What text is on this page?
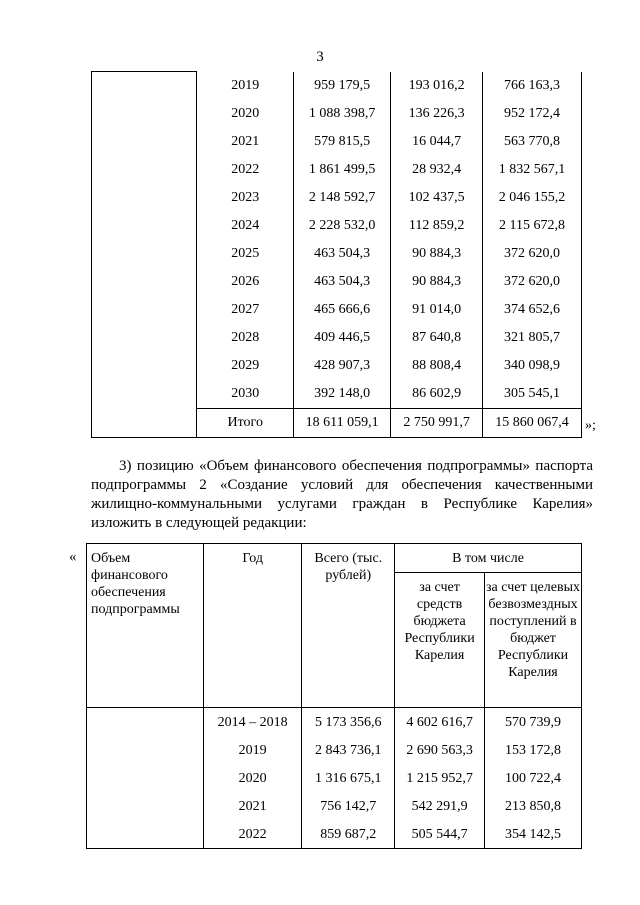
3
	2019	959 179,5	193 016,2	766 163,3
	2020	1 088 398,7	136 226,3	952 172,4
	2021	579 815,5	16 044,7	563 770,8
	2022	1 861 499,5	28 932,4	1 832 567,1
	2023	2 148 592,7	102 437,5	2 046 155,2
	2024	2 228 532,0	112 859,2	2 115 672,8
	2025	463 504,3	90 884,3	372 620,0
	2026	463 504,3	90 884,3	372 620,0
	2027	465 666,6	91 014,0	374 652,6
	2028	409 446,5	87 640,8	321 805,7
	2029	428 907,3	88 808,4	340 098,9
	2030	392 148,0	86 602,9	305 545,1
	Итого	18 611 059,1	2 750 991,7	15 860 067,4 »;
3) позицию «Объем финансового обеспечения подпрограммы» паспорта
подпрограммы 2 «Создание условий для обеспечения качественными
жилищно-коммунальными услугами граждан в Республике Карелия»
изложить в следующей редакции:
« Объем финансового обеспечения подпрограммы	Год	Всего (тыс. рублей)	В том числе	
			за счет средств бюджета Республики Карелия	за счет целевых безвозмездных поступлений в бюджет Республики Карелия
	2014 – 2018	5 173 356,6	4 602 616,7	570 739,9
	2019	2 843 736,1	2 690 563,3	153 172,8
	2020	1 316 675,1	1 215 952,7	100 722,4
	2021	756 142,7	542 291,9	213 850,8
	2022	859 687,2	505 544,7	354 142,5
